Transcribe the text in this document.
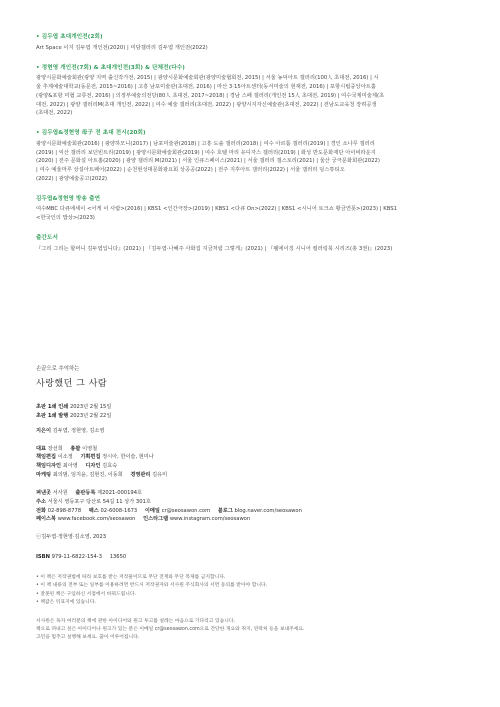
• 김두엽 초대개인전(2회)
Art Space 이지 김두엽 개인전(2020) | 미담갤러리 김두엽 개인전(2022)
• 정현영 개인전(7회) & 초대개인전(3회) & 단체전(다수)
광양시문화예술회관(광양 지역 출신작가전, 2015) | 광양시문화예술회관(광양미술협회전, 2015) | 서울 농덕아트 갤러리(100人 초대전, 2016) | 시
울 추계예술대학교(동문전, 2015~2016) | 고흥 남포미술관(초대전, 2016) | 마산 3·15아트센터(동서미술의 현재전, 2016) | 포항시립중앙아트홀
(광양&포항 미협 교류전, 2016) | 의정부예술의전당(80人 초대전, 2017~2018) | 경남 스페 갤러리(개인전 15人 초대전, 2019) | 여수국제미술제(초
대전, 2022) | 광양 갤러리M(초대 개인전, 2022) | 여수 예술 갤러리(초대전, 2022) | 광양시지자신예술관(초대전, 2022) | 전남도교육청 장려공생
(초대전, 2022)
• 김두엽&정현영 母子 전 초대 전시(20회)
광양시문화예술회관(2016) | 광양하모니(2017) | 남포미술관(2018) | 고흥 도솔 갤러리(2018) | 여수 아르톰 갤러리(2019) | 경인 소나무 갤러리
(2019) | 익산 갤러리 보던빈트리(2019) | 광양시문화예술회관(2019) | 여수 호텔 마리 유디자스 갤러리(2019) | 화성 반도문화재단 아이비라운지
(2020) | 전주 문화설 아트홈(2020) | 광양 갤러리 M(2021) | 서울 인큐스페이스(2021) | 서울 갤러리 갤스토리(2021) | 울산 궁극문화회관(2022)
| 여수 예울마루 상설아트페어(2022) | 순천현성대문화광요회 상공공(2022) | 전주 지후아트 갤러리(2022) | 서울 갤러리 딩스튜티오
(2022) | 광양예술공고(2022)
김두엽&정현영 방송 출연
여수MBC 다큐에세이 <어게 이 사람>(2016) | KBS1 <인간극장>(2019) | KBS1 <다큐 On>(2022) | KBS1 <시니어 토크쇼 황금연못>(2023) | KBS1
<한국인의 밥상>(2023)
출간도서
『그리 그리는 할머니 김두엽입니다』(2021) | 『김두엽·나혜주 사화집 지금처럼 그렇게』(2021) | 『웰에이징 시니어 컬러링북 시리즈(총 3권)』(2023)
손끝으로 추억하는
사랑했던 그 사람
초판 1쇄 인쇄 2023년 2월 15일
초판 1쇄 발행 2023년 2월 22일
지은이 김두엽, 정현영, 김소영
대표 장선희 총괄 이영철
책임편집 이소정 기획편집 정시아, 한이슬, 현미나
책임디자인 최아영 디자인 김효숙
마케팅 최의범, 임지윤, 김현진, 이동희 경영관리 김유미
펴낸곳 서사원 출판등록 제2021-000194호
주소 서울시 영등포구 당산로 54길 11 상가 301호
전화 02-898-8778 팩스 02-6008-1673 이메일 cr@seosawon.com 블로그 blog.naver.com/seosawon
페이스북 www.facebook.com/seosawon 인스타그램 www.instagram.com/seosawon
ⓒ김두엽·정현영·김소영, 2023
ISBN 979-11-6822-154-3 13650
• 이 책은 저작권법에 따라 보호를 받는 저작물이므로 무단 전재와 무단 복제를 금지합니다.
• 이 책 내용의 전부 또는 일부를 이용하려면 반드시 저작권자와 서사원 주식회사의 서면 동의를 받아야 합니다.
• 잘못된 책은 구입하신 서점에서 바꿔드립니다.
• 책값은 뒤표지에 있습니다.
서사원은 독자 여러분의 책에 관한 아이디어와 원고 투고를 설레는 마음으로 기다리고 있습니다.
책으로 펴내고 싶은 아이디어나 원고가 있는 분은 이메일 cr@seosawon.com으로 간단한 개요와 취지, 연락처 등을 보내주세요.
고민을 멈추고 실행해 보세요. 꿈이 이루어집니다.
